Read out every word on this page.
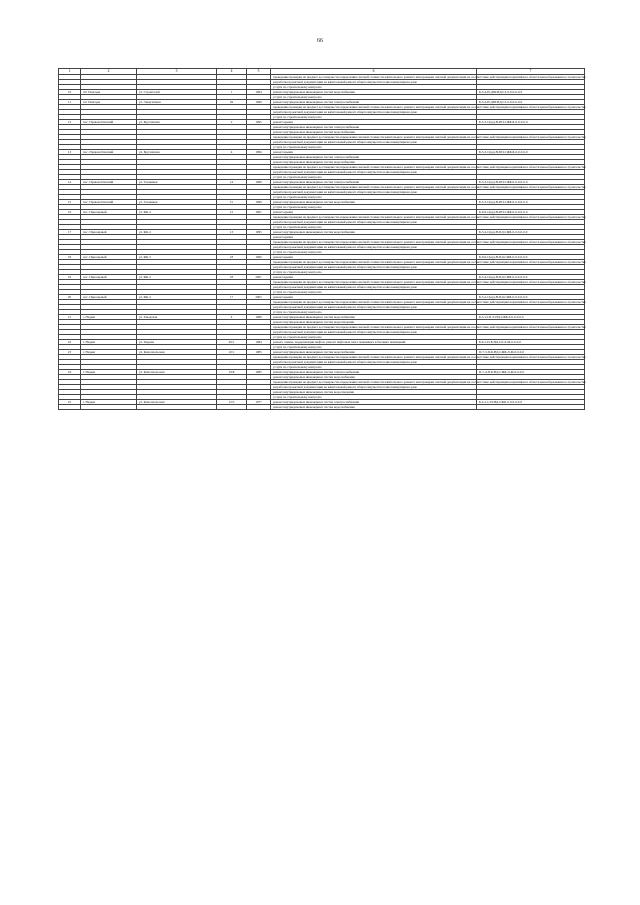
66
1	2	3	4	5	6	7
					проведение проверки на предмет достоверности определения сметной стоимости капитального ремонта или проверки сметной документации на соответствие действующим нормативам в области ценообразования в строительстве	
					разработка проектной документации на капитальный ремонт общего имущества в многоквартирном доме	
					услуги по строительному контролю	
10	пгт Пангоды	ул. Строителей	1	1994	ремонт внутридомовых инженерных систем водоснабжения	Б-5-4-Н-ДШ-НД-С3-0-0-0-0-0-0
					услуги по строительному контролю	
11	пгт Пангоды	ул. Энергетиков	29	1999	ремонт внутридомовых инженерных систем электроснабжения	Б-5-4-Н-ДШ-НД-С3-0-0-0-0-0-0
					проведение проверки на предмет достоверности определения сметной стоимости капитального ремонта или проверки сметной документации на соответствие действующим нормативам в области ценообразования в строительстве	
					разработка проектной документации на капитальный ремонт общего имущества в многоквартирном доме	
					услуги по строительному контролю	
12	пос. Правохеттинский	ул. Брусничная	2	1995	ремонт крыши	Б-5-3-С(кр)-Н-ПП-СЖБ-Б-0-0-0-0-0
					ремонт внутридомовых инженерных систем электроснабжения	
					ремонт внутридомовых инженерных систем водоснабжения	
					проведение проверки на предмет достоверности определения сметной стоимости капитального ремонта или проверки сметной документации на соответствие действующим нормативам в области ценообразования в строительстве	
					разработка проектной документации на капитальный ремонт общего имущества в многоквартирном доме	
					услуги по строительному контролю	
13	пос. Правохеттинский	ул. Брусничная	4	1996	ремонт крыши	Б-5-3-С(кр)-Н-ПП-СЖБ-Б-0-0-0-0-0
					ремонт внутридомовых инженерных систем электроснабжения	
					ремонт внутридомовых инженерных систем водоснабжения	
					проведение проверки на предмет достоверности определения сметной стоимости капитального ремонта или проверки сметной документации на соответствие действующим нормативам в области ценообразования в строительстве	
					разработка проектной документации на капитальный ремонт общего имущества в многоквартирном доме	
					услуги по строительному контролю	
14	пос. Правохеттинский	ул. Газовиков	14	1989	ремонт внутридомовых инженерных систем электроснабжения	Б-3-3-С(кр)-Н-ПП-СЖБ-0-0-0-0-0-0
					проведение проверки на предмет достоверности определения сметной стоимости капитального ремонта или проверки сметной документации на соответствие действующим нормативам в области ценообразования в строительстве	
					разработка проектной документации на капитальный ремонт общего имущества в многоквартирном доме	
					услуги по строительному контролю	
15	пос. Правохеттинский	ул. Газовиков	15	1999	ремонт внутридомовых инженерных систем водоснабжения	Б-5-3-С(кр)-Н-ПП-СЖБ-0-0-0-0-0-0
					услуги по строительному контролю	
16	пос. Приозерный	ул. ФК-2	12	1991	ремонт крыши	Б-9-9-С(кр)-Н-ПП-СЖБ-0-0-0-0-0-0
					проведение проверки на предмет достоверности определения сметной стоимости капитального ремонта или проверки сметной документации на соответствие действующим нормативам в области ценообразования в строительстве	
					разработка проектной документации на капитальный ремонт общего имущества в многоквартирном доме	
					услуги по строительному контролю	
17	пос. Приозерный	ул. ФК-2	13	1995	ремонт внутридомовых инженерных систем водоснабжения	Б-5-4-С(кр)-Н-ПД-СЖБ-0-0-0-0-0-0
					ремонт крыши	
					проведение проверки на предмет достоверности определения сметной стоимости капитального ремонта или проверки сметной документации на соответствие действующим нормативам в области ценообразования в строительстве	
					разработка проектной документации на капитальный ремонт общего имущества в многоквартирном доме	
					услуги по строительному контролю	
18	пос. Приозерный	ул. ФК-5	18	1996	ремонт крыши	Б-9-9-С(кр)-Н-ПД-СЖБ-0-0-0-0-0-0
					проведение проверки на предмет достоверности определения сметной стоимости капитального ремонта или проверки сметной документации на соответствие действующим нормативам в области ценообразования в строительстве	
					разработка проектной документации на капитальный ремонт общего имущества в многоквартирном доме	
					услуги по строительному контролю	
19	пос. Приозерный	ул. ФК-2	18	2001	ремонт крыши	Б-5-4-С(кр)-Н-ПД-СЖБ-0-0-0-0-0-0
					проведение проверки на предмет достоверности определения сметной стоимости капитального ремонта или проверки сметной документации на соответствие действующим нормативам в области ценообразования в строительстве	
					разработка проектной документации на капитальный ремонт общего имущества в многоквартирном доме	
					услуги по строительному контролю	
20	пос. Приозерный	ул. ФК-2	17	2005	ремонт крыши	Б-5-2-С(кр)-Н-ПД-СЖБ-0-0-0-0-0-0
					проведение проверки на предмет достоверности определения сметной стоимости капитального ремонта или проверки сметной документации на соответствие действующим нормативам в области ценообразования в строительстве	
					разработка проектной документации на капитальный ремонт общего имущества в многоквартирном доме	
					услуги по строительному контролю	
21	г. Надым	ул. Заводская	4	1989	ремонт внутридомовых инженерных систем водоснабжения	Б-5-13-П-Э-НД-СЖБ-0-0-0-0-0-0
					ремонт внутридомовых инженерных систем водоотведения	
					проведение проверки на предмет достоверности определения сметной стоимости капитального ремонта или проверки сметной документации на соответствие действующим нормативам в области ценообразования в строительстве	
					разработка проектной документации на капитальный ремонт общего имущества в многоквартирном доме	
					услуги по строительному контролю	
22	г. Надым	ул. Зверева	29/1	1984	ремонт, замена, модернизация лифтов, ремонт лифтовых шахт, машинных и блочных помещений	Б-9-1-П-Б-НД-СЛ-Л-М-0-0-0-0
					услуги по строительному контролю	
23	г. Надым	ул. Комсомольская	10/1	1985	ремонт внутридомовых инженерных систем водоснабжения	П-7-3-П-Б-НД-СЖБ-Л-М-0-0-0-0
					проведение проверки на предмет достоверности определения сметной стоимости капитального ремонта или проверки сметной документации на соответствие действующим нормативам в области ценообразования в строительстве	
					разработка проектной документации на капитальный ремонт общего имущества в многоквартирном доме	
					услуги по строительному контролю	
24	г. Надым	ул. Комсомольская	19/8	1985	ремонт внутридомовых инженерных систем электроснабжения	П-7-4-П-Б-НД-СЖБ-Л-М-0-0-0-0
					ремонт внутридомовых инженерных систем водоснабжения	
					проведение проверки на предмет достоверности определения сметной стоимости капитального ремонта или проверки сметной документации на соответствие действующим нормативам в области ценообразования в строительстве	
					разработка проектной документации на капитальный ремонт общего имущества в многоквартирном доме	
					ремонт внутридомовых инженерных систем водоотведения	
					услуги по строительному контролю	
25	г. Надым	ул. Комсомольская	12/3	1977	ремонт внутридомовых инженерных систем электроснабжения	Б-4-1-С-Н-НД-СЖБ-0-0-0-0-0-0
					ремонт внутридомовых инженерных систем водоснабжения	
